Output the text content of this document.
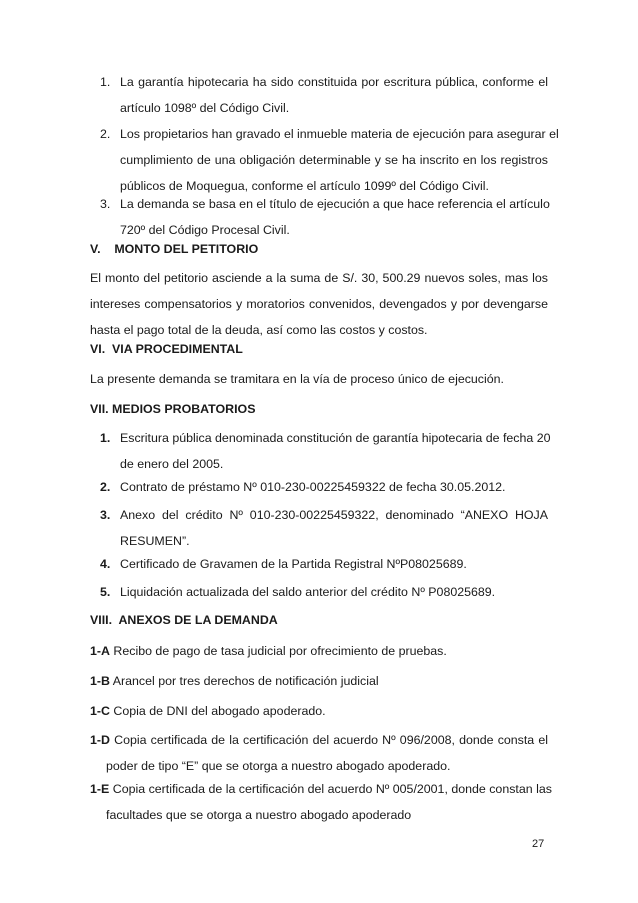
1. La garantía hipotecaria ha sido constituida por escritura pública, conforme el
artículo 1098º del Código Civil.
2. Los propietarios han gravado el inmueble materia de ejecución para asegurar el
cumplimiento de una obligación determinable y se ha inscrito en los registros
públicos de Moquegua, conforme el artículo 1099º del Código Civil.
3. La demanda se basa en el título de ejecución a que hace referencia el artículo
720º del Código Procesal Civil.
V.    MONTO DEL PETITORIO
El monto del petitorio asciende a la suma de S/. 30, 500.29 nuevos soles, mas los
intereses compensatorios y moratorios convenidos, devengados y por devengarse
hasta el pago total de la deuda, así como las costos y costos.
VI.  VIA PROCEDIMENTAL
La presente demanda se tramitara en la vía de proceso único de ejecución.
VII. MEDIOS PROBATORIOS
1. Escritura pública denominada constitución de garantía hipotecaria de fecha 20
de enero del 2005.
2. Contrato de préstamo Nº 010-230-00225459322 de fecha 30.05.2012.
3. Anexo del crédito Nº 010-230-00225459322, denominado “ANEXO HOJA
RESUMEN”.
4. Certificado de Gravamen de la Partida Registral NºP08025689.
5. Liquidación actualizada del saldo anterior del crédito Nº P08025689.
VIII.  ANEXOS DE LA DEMANDA
1-A Recibo de pago de tasa judicial por ofrecimiento de pruebas.
1-B Arancel por tres derechos de notificación judicial
1-C Copia de DNI del abogado apoderado.
1-D Copia certificada de la certificación del acuerdo Nº 096/2008, donde consta el
poder de tipo “E” que se otorga a nuestro abogado apoderado.
1-E Copia certificada de la certificación del acuerdo Nº 005/2001, donde constan las
facultades que se otorga a nuestro abogado apoderado
27
